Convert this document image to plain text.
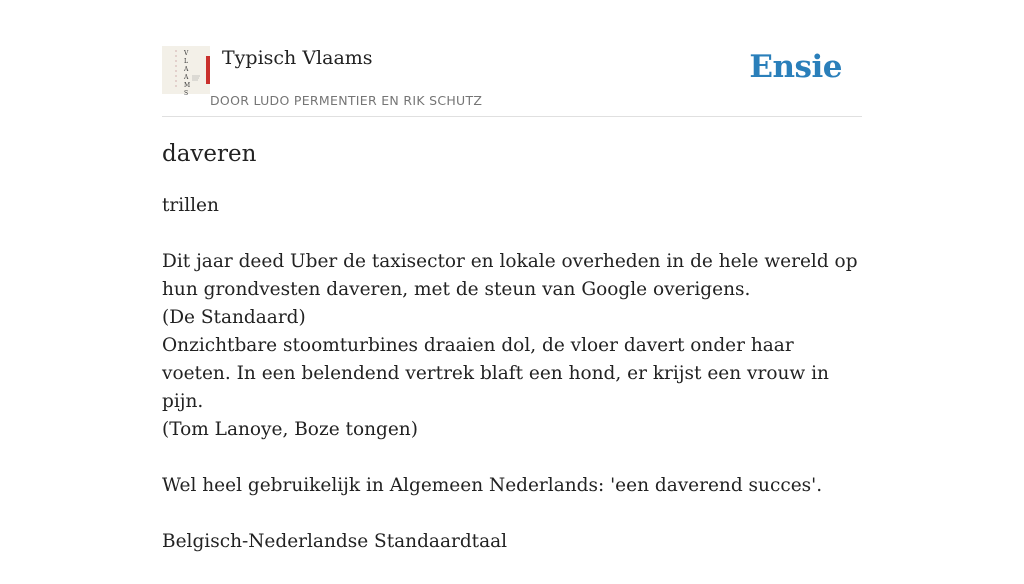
V
L
A
A
M
S
Typisch Vlaams
DOOR LUDO PERMENTIER EN RIK SCHUTZ
Ensie
daveren

trillen

Dit jaar deed Uber de taxisector en lokale overheden in de hele wereld op hun grondvesten daveren, met de steun van Google overigens.
(De Standaard)
Onzichtbare stoomturbines draaien dol, de vloer davert onder haar voeten. In een belendend vertrek blaft een hond, er krijst een vrouw in pijn.
(Tom Lanoye, Boze tongen)

Wel heel gebruikelijk in Algemeen Nederlands: 'een daverend succes'.

Belgisch-Nederlandse Standaardtaal
